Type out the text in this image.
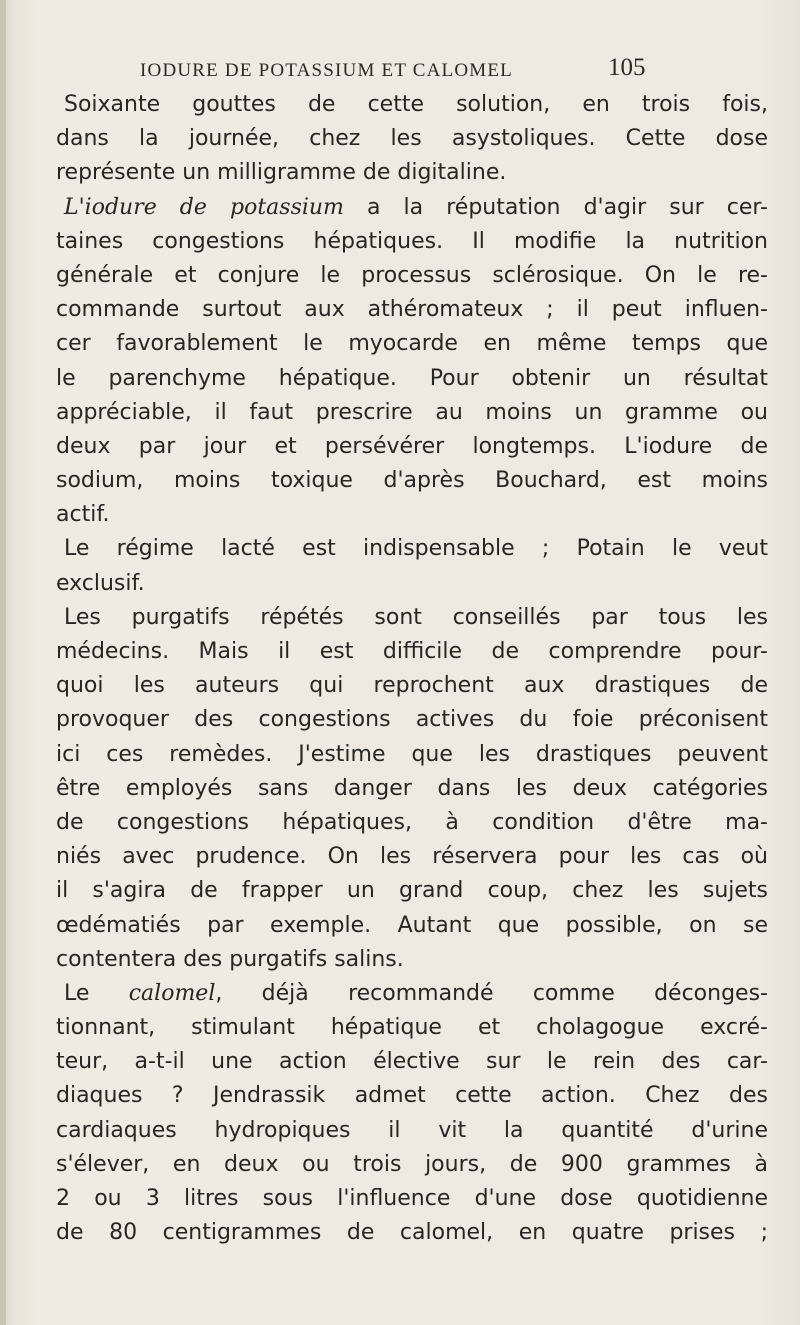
IODURE DE POTASSIUM ET CALOMEL	105
Soixante gouttes de cette solution, en trois fois,
dans la journée, chez les asystoliques. Cette dose
représente un milligramme de digitaline.
L'iodure de potassium a la réputation d'agir sur cer-
taines congestions hépatiques. Il modifie la nutrition
générale et conjure le processus sclérosique. On le re-
commande surtout aux athéromateux ; il peut influen-
cer favorablement le myocarde en même temps que
le parenchyme hépatique. Pour obtenir un résultat
appréciable, il faut prescrire au moins un gramme ou
deux par jour et persévérer longtemps. L'iodure de
sodium, moins toxique d'après Bouchard, est moins
actif.
Le régime lacté est indispensable ; Potain le veut
exclusif.
Les purgatifs répétés sont conseillés par tous les
médecins. Mais il est difficile de comprendre pour-
quoi les auteurs qui reprochent aux drastiques de
provoquer des congestions actives du foie préconisent
ici ces remèdes. J'estime que les drastiques peuvent
être employés sans danger dans les deux catégories
de congestions hépatiques, à condition d'être ma-
niés avec prudence. On les réservera pour les cas où
il s'agira de frapper un grand coup, chez les sujets
œdématiés par exemple. Autant que possible, on se
contentera des purgatifs salins.
Le calomel, déjà recommandé comme déconges-
tionnant, stimulant hépatique et cholagogue excré-
teur, a-t-il une action élective sur le rein des car-
diaques ? Jendrassik admet cette action. Chez des
cardiaques hydropiques il vit la quantité d'urine
s'élever, en deux ou trois jours, de 900 grammes à
2 ou 3 litres sous l'influence d'une dose quotidienne
de 80 centigrammes de calomel, en quatre prises ;
